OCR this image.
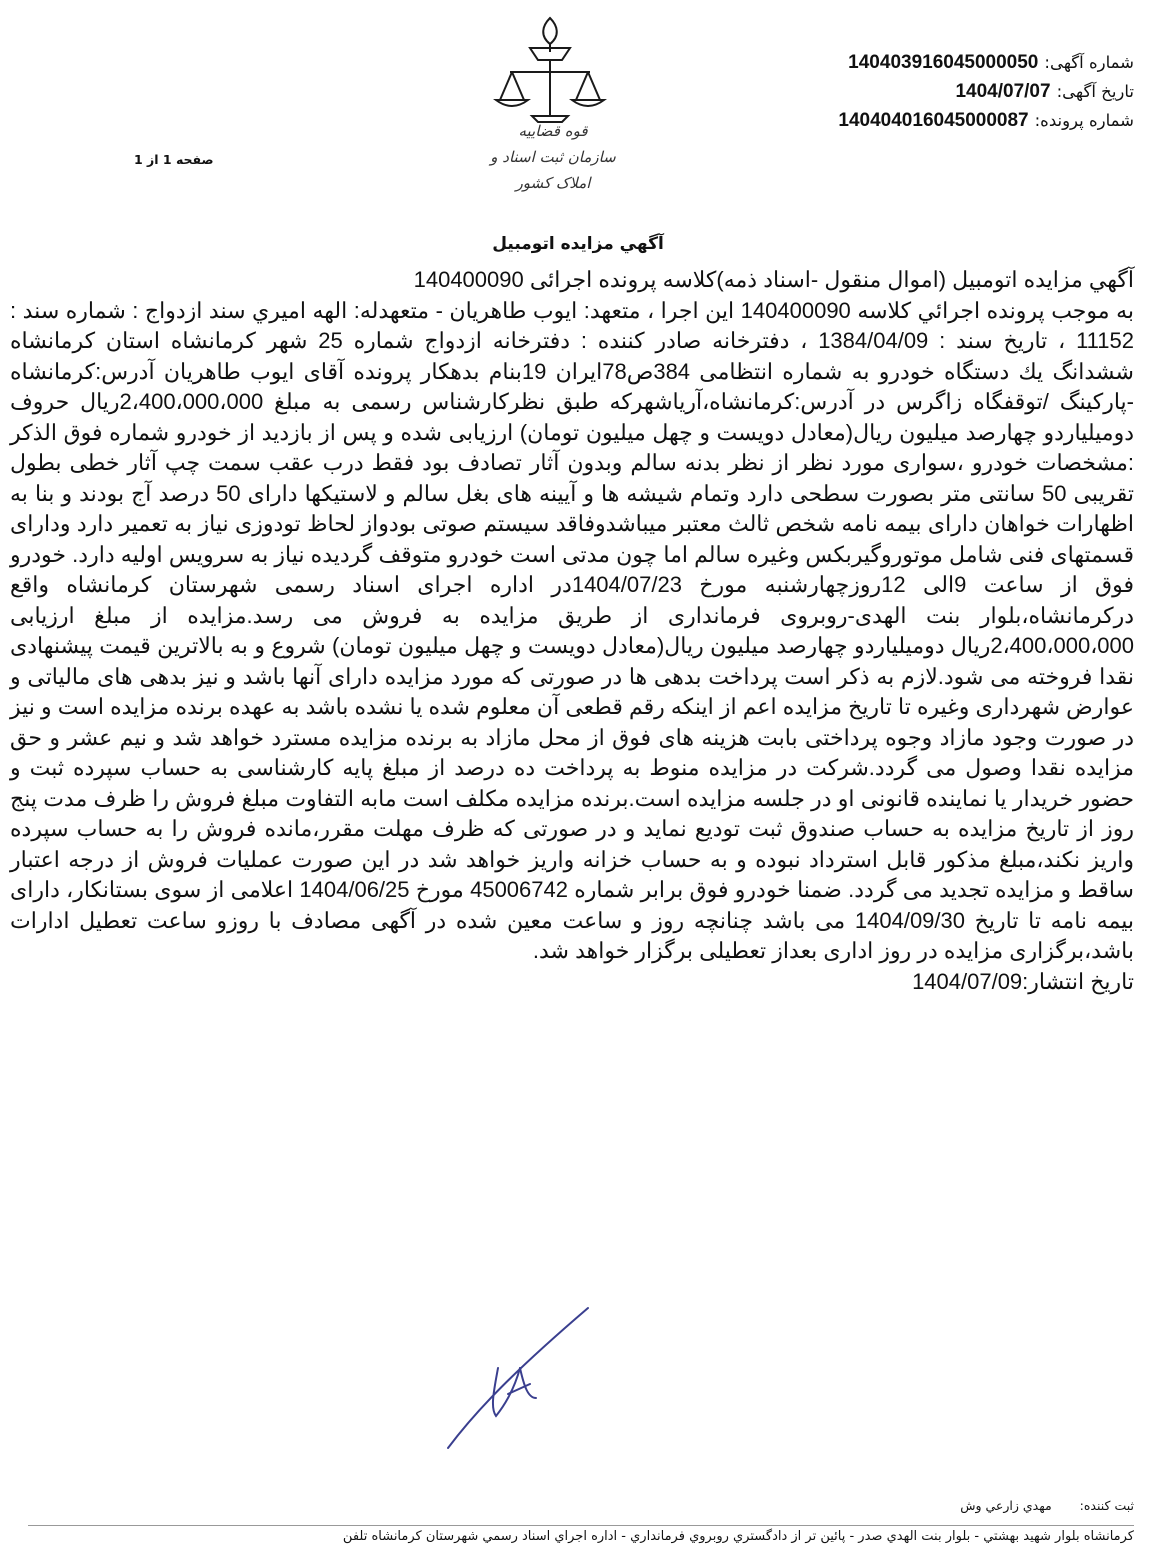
قوه قضاییه
سازمان ثبت اسناد و املاک کشور
شماره آگهی:
14040391604500005​0
تاريخ آگهی:
1404/07/07
شماره پرونده:
140404016045000087
صفحه 1 از 1
آگهي مزايده اتومبيل

آگهي مزايده اتومبيل (اموال منقول -اسناد ذمه)كلاسه پرونده اجرائی 140400090

به موجب پرونده اجرائي كلاسه 140400090 اين اجرا ، متعهد: ايوب طاهريان - متعهدله: الهه اميري سند ازدواج : شماره سند : 11152 ، تاريخ سند : 1384/04/09 ، دفترخانه صادر كننده : دفترخانه ازدواج شماره 25 شهر كرمانشاه استان كرمانشاه ششدانگ يك دستگاه خودرو به شماره انتظامی 384ص78ايران 19بنام بدهکار پرونده آقای ایوب طاهریان آدرس:کرمانشاه -پارکینگ /توقفگاه زاگرس در آدرس:کرمانشاه،آریاشهرکه طبق نظرکارشناس رسمی به مبلغ 2،400،000،000ریال حروف دومیلیاردو چهارصد میلیون ریال(معادل دویست و چهل میلیون تومان) ارزیابی شده و پس از بازدید از خودرو شماره فوق الذکر :مشخصات خودرو ،سواری مورد نظر از نظر بدنه سالم وبدون آثار تصادف بود فقط درب عقب سمت چپ آثار خطی بطول تقریبی 50 سانتی متر بصورت سطحی دارد وتمام شیشه ها و آیینه های بغل سالم و لاستیکها دارای 50 درصد آج بودند و بنا به اظهارات خواهان دارای بیمه نامه شخص ثالث معتبر میباشدوفاقد سیستم صوتی بودواز لحاظ تودوزی نیاز به تعمیر دارد ودارای قسمتهای فنی شامل موتوروگیربکس وغیره سالم اما چون مدتی است خودرو متوقف گردیده نیاز به سرویس اولیه دارد. خودرو فوق از ساعت 9الی 12روزچهارشنبه مورخ 1404/07/23در اداره اجرای اسناد رسمی شهرستان کرمانشاه واقع درکرمانشاه،بلوار بنت الهدی-روبروی فرمانداری از طریق مزایده به فروش می رسد.مزایده از مبلغ ارزیابی 2،400،000،000ریال دومیلیاردو چهارصد میلیون ریال(معادل دویست و چهل میلیون تومان) شروع و به بالاترین قیمت پیشنهادی نقدا فروخته می شود.لازم به ذکر است پرداخت بدهی ها در صورتی که مورد مزایده دارای آنها باشد و نیز بدهی های مالیاتی و عوارض شهرداری وغیره تا تاریخ مزایده اعم از اینکه رقم قطعی آن معلوم شده یا نشده باشد به عهده برنده مزایده است و نیز در صورت وجود مازاد وجوه پرداختی بابت هزینه های فوق از محل مازاد به برنده مزایده مسترد خواهد شد و نیم عشر و حق مزایده نقدا وصول می گردد.شرکت در مزایده منوط به پرداخت ده درصد از مبلغ پایه کارشناسی به حساب سپرده ثبت و حضور خریدار یا نماینده قانونی او در جلسه مزایده است.برنده مزایده مکلف است مابه التفاوت مبلغ فروش را ظرف مدت پنج روز از تاریخ مزایده به حساب صندوق ثبت تودیع نماید و در صورتی که ظرف مهلت مقرر،مانده فروش را به حساب سپرده واریز نکند،مبلغ مذکور قابل استرداد نبوده و به حساب خزانه واریز خواهد شد در این صورت عملیات فروش از درجه اعتبار ساقط و مزایده تجدید می گردد. ضمنا خودرو فوق برابر شماره 45006742 مورخ 1404/06/25 اعلامی از سوی بستانکار، دارای بیمه نامه تا تاریخ 1404/09/30 می باشد چنانچه روز و ساعت معین شده در آگهی مصادف با روزو ساعت تعطیل ادارات باشد،برگزاری مزایده در روز اداری بعداز تعطیلی برگزار خواهد شد.

تاريخ انتشار:1404/07/09

ثبت کننده:
مهدي زارعي وش
كرمانشاه بلوار شهيد بهشتي - بلوار بنت الهدي صدر - پائين تر از دادگستري روبروي فرمانداري - اداره اجراي اسناد رسمي شهرستان كرمانشاه تلفن
